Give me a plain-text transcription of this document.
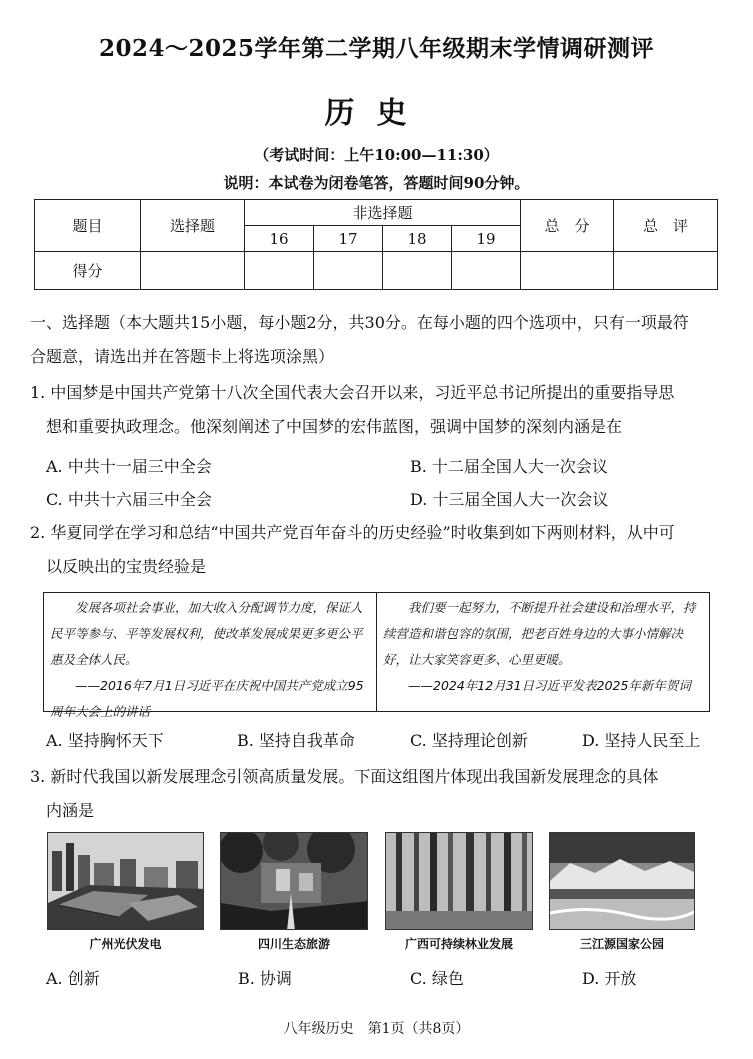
2024～2025学年第二学期八年级期末学情调研测评
历史
（考试时间：上午10:00—11:30）
说明：本试卷为闭卷笔答，答题时间90分钟。
题目	选择题	非选择题				总　分	总　评
		16	17	18	19		
得分							
一、选择题（本大题共15小题，每小题2分，共30分。在每小题的四个选项中，只有一项最符
合题意，请选出并在答题卡上将选项涂黑）
1. 中国梦是中国共产党第十八次全国代表大会召开以来，习近平总书记所提出的重要指导思
想和重要执政理念。他深刻阐述了中国梦的宏伟蓝图，强调中国梦的深刻内涵是在
A. 中共十一届三中全会	B. 十二届全国人大一次会议
C. 中共十六届三中全会	D. 十三届全国人大一次会议
2. 华夏同学在学习和总结“中国共产党百年奋斗的历史经验”时收集到如下两则材料，从中可
以反映出的宝贵经验是
发展各项社会事业，加大收入分配调节力度，保证人民平等参与、平等发展权利，使改革发展成果更多更公平惠及全体人民。
——2016年7月1日习近平在庆祝中国共产党成立95周年大会上的讲话
我们要一起努力，不断提升社会建设和治理水平，持续营造和谐包容的氛围，把老百姓身边的大事小情解决好，让大家笑容更多、心里更暖。
——2024年12月31日习近平发表2025年新年贺词
A. 坚持胸怀天下	B. 坚持自我革命	C. 坚持理论创新	D. 坚持人民至上
3. 新时代我国以新发展理念引领高质量发展。下面这组图片体现出我国新发展理念的具体
内涵是
广州光伏发电	四川生态旅游	广西可持续林业发展	三江源国家公园
A. 创新	B. 协调	C. 绿色	D. 开放
八年级历史　第1页（共8页）
